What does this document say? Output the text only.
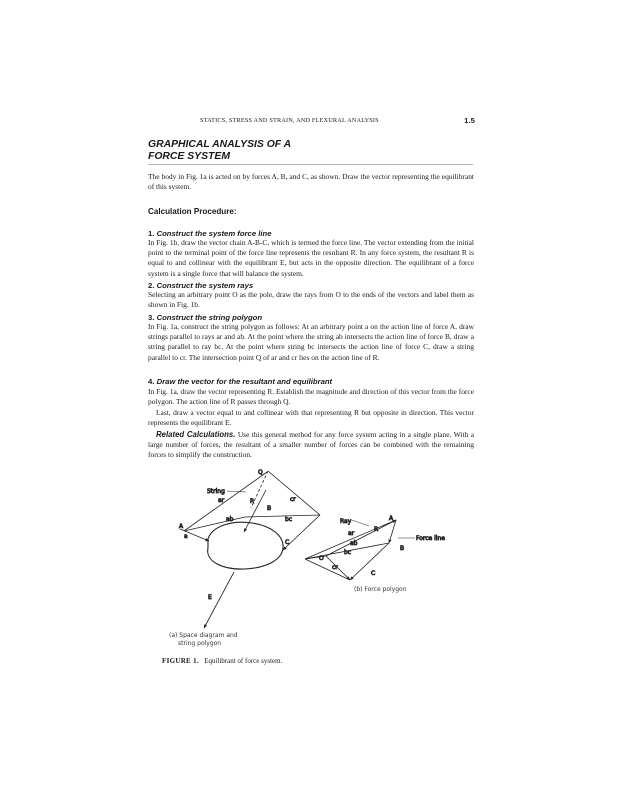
STATICS, STRESS AND STRAIN, AND FLEXURAL ANALYSIS	1.5
GRAPHICAL ANALYSIS OF A
FORCE SYSTEM
The body in Fig. 1a is acted on by forces A, B, and C, as shown. Draw the vector representing the equilibrant of this system.
Calculation Procedure:
1. Construct the system force line
In Fig. 1b, draw the vector chain A-B-C, which is termed the force line. The vector extending from the initial point to the terminal point of the force line represents the resultant R. In any force system, the resultant R is equal to and collinear with the equilibrant E, but acts in the opposite direction. The equilibrant of a force system is a single force that will balance the system.
2. Construct the system rays
Selecting an arbitrary point O as the pole, draw the rays from O to the ends of the vectors and label them as shown in Fig. 1b.
3. Construct the string polygon
In Fig. 1a, construct the string polygon as follows: At an arbitrary point a on the action line of force A, draw strings parallel to rays ar and ab. At the point where the string ab intersects the action line of force B, draw a string parallel to ray bc. At the point where string bc intersects the action line of force C, draw a string parallel to cr. The intersection point Q of ar and cr lies on the action line of R.
4. Draw the vector for the resultant and equilibrant
In Fig. 1a, draw the vector representing R. Establish the magnitude and direction of this vector from the force polygon. The action line of R passes through Q.
Last, draw a vector equal to and collinear with that representing R but opposite in direction. This vector represents the equilibrant E.
Related Calculations. Use this general method for any force system acting in a single plane. With a large number of forces, the resultant of a smaller number of forces can be combined with the remaining forces to simplify the construction.
String
Q
ar	R	cr
B
ab	bc
A
a
C
E
Ray	A
ar
R
ab
Force line
bc
B
O
cr
C
(a) Space diagram and
string polygon
(b) Force polygon
FIGURE 1. Equilibrant of force system.
